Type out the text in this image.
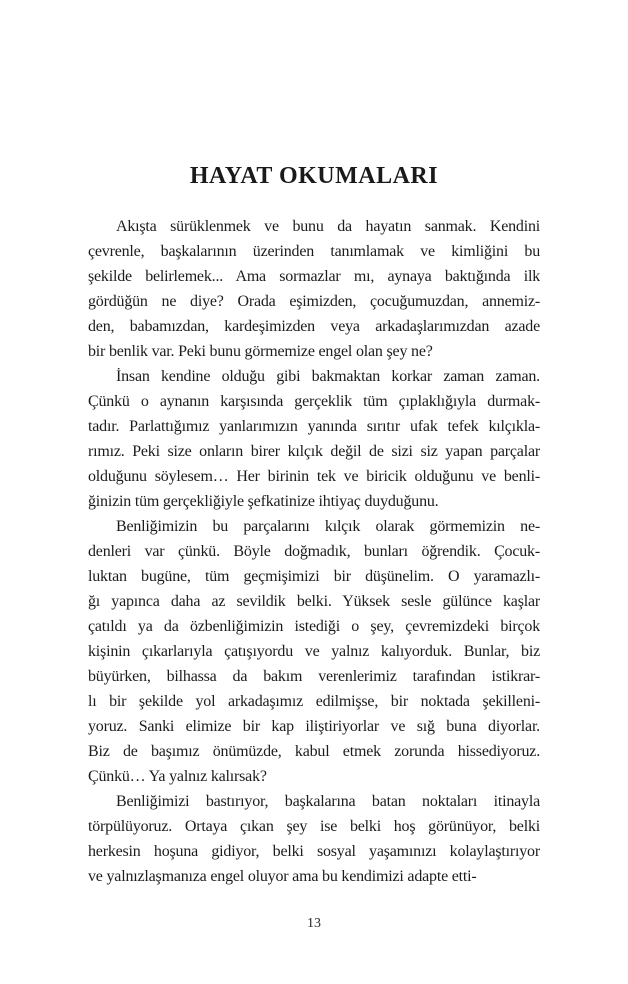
HAYAT OKUMALARI
Akışta sürüklenmek ve bunu da hayatın sanmak. Kendini
çevrenle, başkalarının üzerinden tanımlamak ve kimliğini bu
şekilde belirlemek... Ama sormazlar mı, aynaya baktığında ilk
gördüğün ne diye? Orada eşimizden, çocuğumuzdan, annemiz-
den, babamızdan, kardeşimizden veya arkadaşlarımızdan azade
bir benlik var. Peki bunu görmemize engel olan şey ne?
İnsan kendine olduğu gibi bakmaktan korkar zaman zaman.
Çünkü o aynanın karşısında gerçeklik tüm çıplaklığıyla durmak-
tadır. Parlattığımız yanlarımızın yanında sırıtır ufak tefek kılçıkla-
rımız. Peki size onların birer kılçık değil de sizi siz yapan parçalar
olduğunu söylesem… Her birinin tek ve biricik olduğunu ve benli-
ğinizin tüm gerçekliğiyle şefkatinize ihtiyaç duyduğunu.
Benliğimizin bu parçalarını kılçık olarak görmemizin ne-
denleri var çünkü. Böyle doğmadık, bunları öğrendik. Çocuk-
luktan bugüne, tüm geçmişimizi bir düşünelim. O yaramazlı-
ğı yapınca daha az sevildik belki. Yüksek sesle gülünce kaşlar
çatıldı ya da özbenliğimizin istediği o şey, çevremizdeki birçok
kişinin çıkarlarıyla çatışıyordu ve yalnız kalıyorduk. Bunlar, biz
büyürken, bilhassa da bakım verenlerimiz tarafından istikrar-
lı bir şekilde yol arkadaşımız edilmişse, bir noktada şekilleni-
yoruz. Sanki elimize bir kap iliştiriyorlar ve sığ buna diyorlar.
Biz de başımız önümüzde, kabul etmek zorunda hissediyoruz.
Çünkü… Ya yalnız kalırsak?
Benliğimizi bastırıyor, başkalarına batan noktaları itinayla
törpülüyoruz. Ortaya çıkan şey ise belki hoş görünüyor, belki
herkesin hoşuna gidiyor, belki sosyal yaşamınızı kolaylaştırıyor
ve yalnızlaşmanıza engel oluyor ama bu kendimizi adapte etti-
13
